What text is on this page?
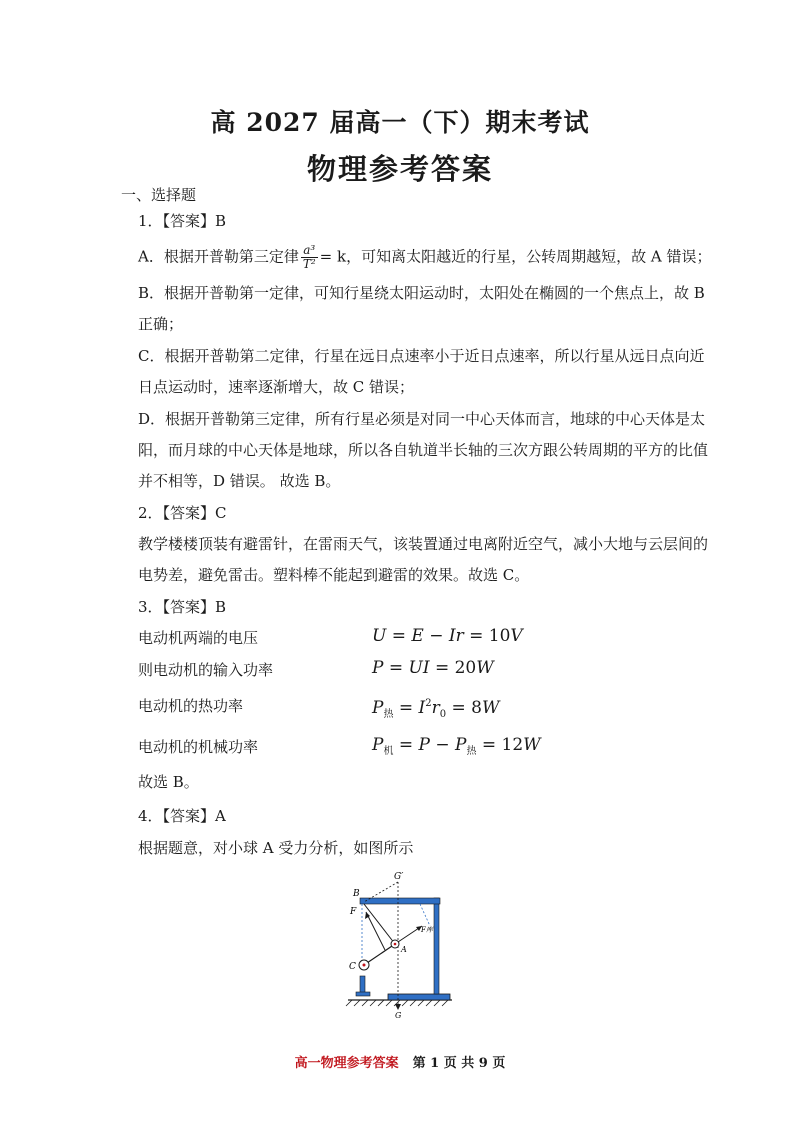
高 2027 届高一（下）期末考试
物理参考答案
一、选择题
1．【答案】B
A．根据开普勒第三定律 $\frac{\text{a³}}{\text{T²}} = k$，可知离太阳越近的行星，公转周期越短，故 A 错误；
B．根据开普勒第一定律，可知行星绕太阳运动时，太阳处在椭圆的一个焦点上，故 B
正确；
C．根据开普勒第二定律，行星在远日点速率小于近日点速率，所以行星从远日点向近
日点运动时，速率逐渐增大，故 C 错误；
D．根据开普勒第三定律，所有行星必须是对同一中心天体而言，地球的中心天体是太
阳，而月球的中心天体是地球，所以各自轨道半长轴的三次方跟公转周期的平方的比值
并不相等，D 错误。 故选 B。
2．【答案】C
教学楼楼顶装有避雷针，在雷雨天气，该装置通过电离附近空气，减小大地与云层间的
电势差，避免雷击。塑料棒不能起到避雷的效果。故选 C。
3．【答案】B
电动机两端的电压	U = E − Ir = 10V
则电动机的输入功率	P = UI = 20W
电动机的热功率	$P_热 = I^2r_0 = 8W$
电动机的机械功率	$P_机 = P - P_热 = 12W$
故选 B。
4．【答案】A
根据题意，对小球 A 受力分析，如图所示
G′
B
F
A
C
F库
G
高一物理参考答案 第 1 页 共 9 页
